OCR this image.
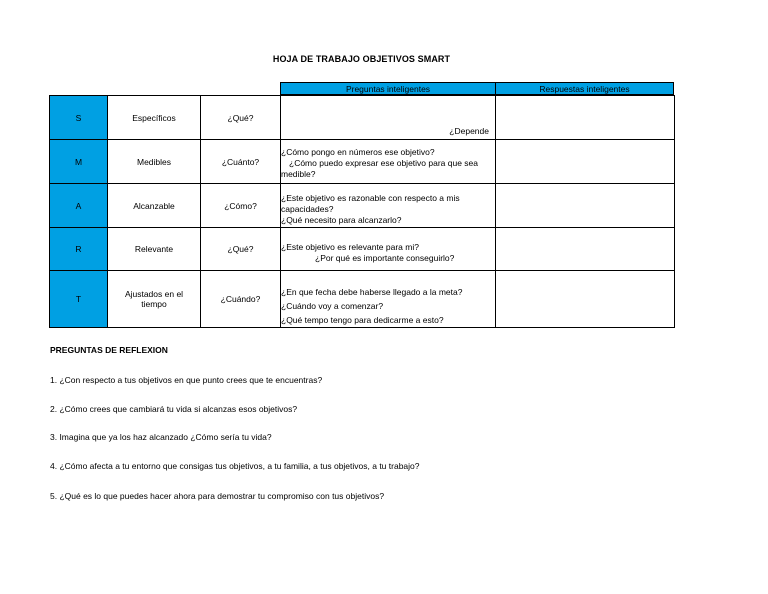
HOJA DE TRABAJO OBJETIVOS SMART
Preguntas inteligentes	Respuestas inteligentes
S	Específicos	¿Qué?	¿Depende	

M	Medibles	¿Cuánto?	¿Cómo pongo en números ese objetivo?
¿Cómo puedo expresar ese objetivo para que sea medible?	

A	Alcanzable	¿Cómo?	¿Este objetivo es razonable con respecto a mis capacidades?
¿Qué necesito para alcanzarlo?	

R	Relevante	¿Qué?	¿Este objetivo es relevante para mi?
¿Por qué es importante conseguirlo?	

T	Ajustados en el tiempo	¿Cuándo?	¿En que fecha debe haberse llegado a la meta?
¿Cuándo voy a comenzar?
¿Qué tempo tengo para dedicarme a esto?	

PREGUNTAS DE REFLEXION
1. ¿Con respecto a tus objetivos en que punto crees que te encuentras?
2. ¿Cómo crees que cambiará tu vida si alcanzas esos objetivos?
3. Imagina que ya los haz alcanzado ¿Cómo sería tu vida?
4. ¿Cómo afecta a tu entorno que consigas tus objetivos, a tu familia, a tus objetivos, a tu trabajo?
5. ¿Qué es lo que puedes hacer ahora para demostrar tu compromiso con tus objetivos?
